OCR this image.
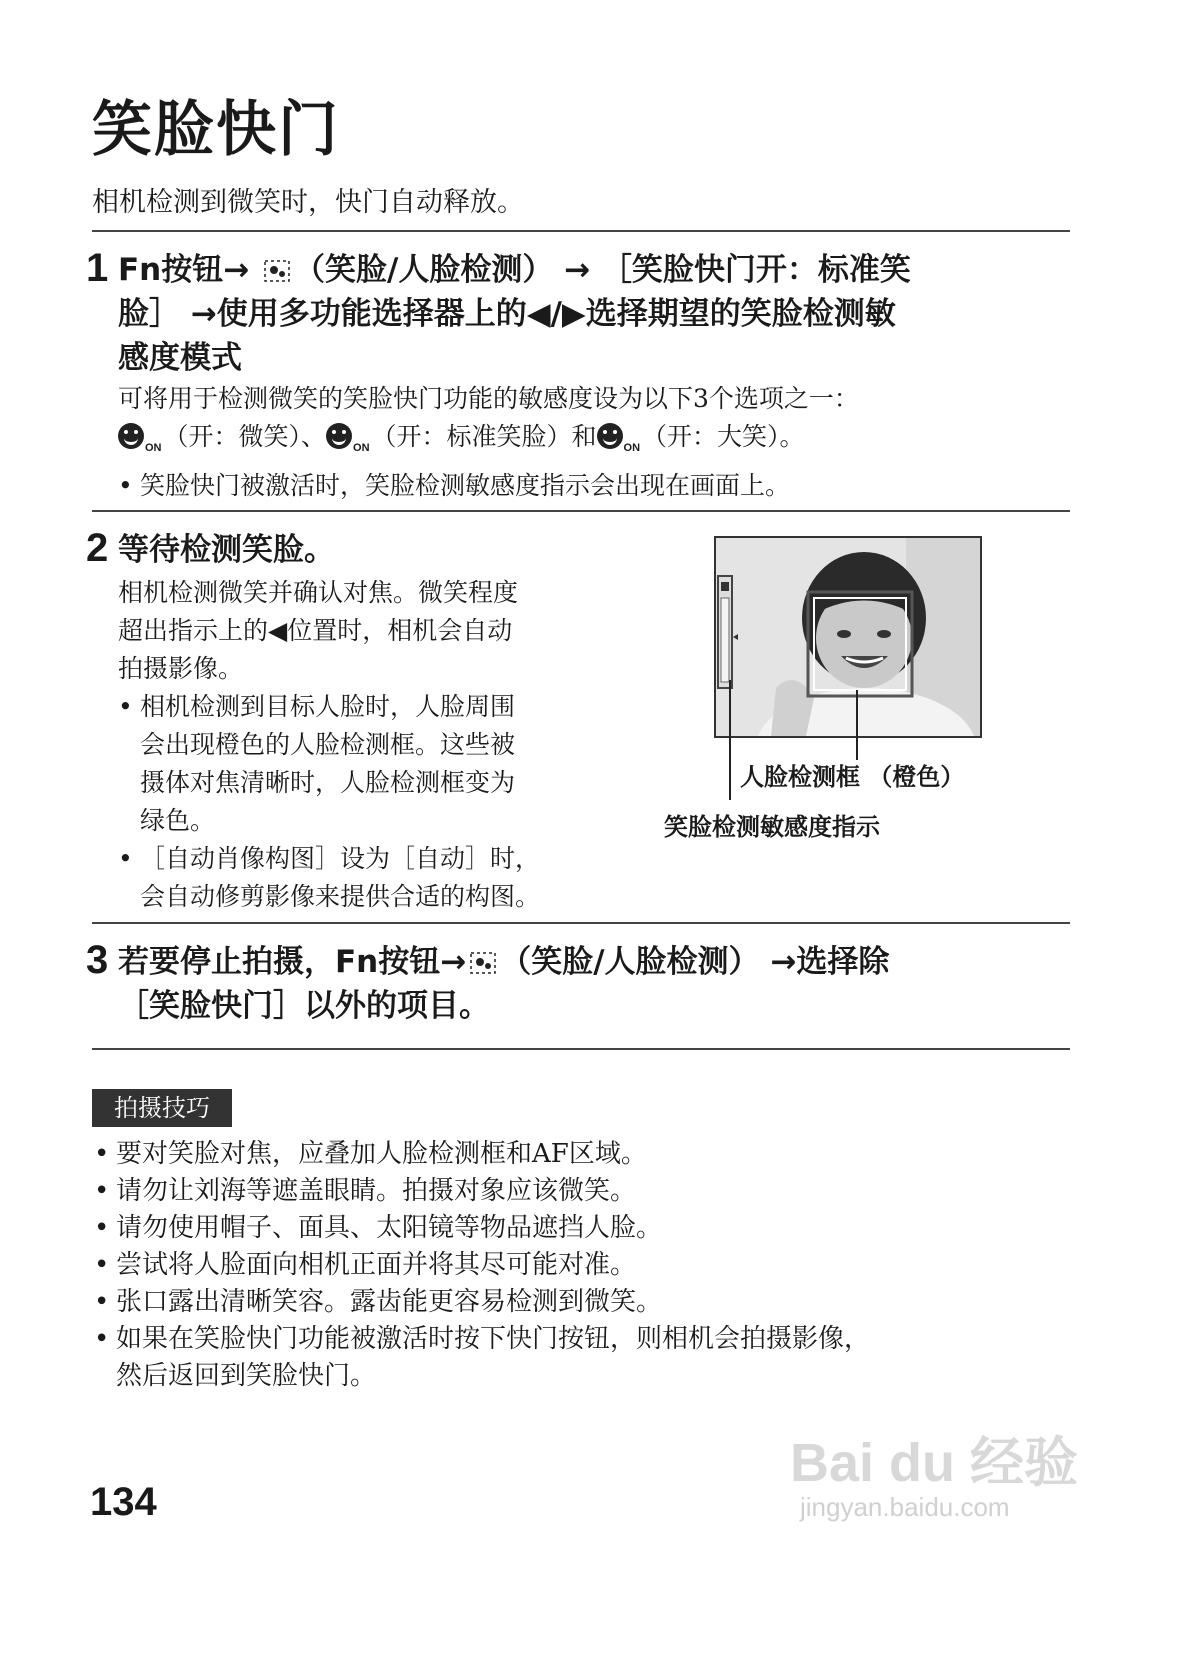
笑脸快门
相机检测到微笑时，快门自动释放。
1 Fn按钮→ （笑脸/人脸检测） → ［笑脸快门开：标准笑
脸］ →使用多功能选择器上的◀/▶选择期望的笑脸检测敏
感度模式
可将用于检测微笑的笑脸快门功能的敏感度设为以下3个选项之一：
$_{ON}$（开：微笑）、 $_{ON}$（开：标准笑脸）和 $_{ON}$（开：大笑）。
• 笑脸快门被激活时，笑脸检测敏感度指示会出现在画面上。
2 等待检测笑脸。
相机检测微笑并确认对焦。微笑程度
超出指示上的◀位置时，相机会自动
拍摄影像。
• 相机检测到目标人脸时，人脸周围
会出现橙色的人脸检测框。这些被
摄体对焦清晰时，人脸检测框变为
绿色。
• ［自动肖像构图］设为［自动］时，
会自动修剪影像来提供合适的构图。
人脸检测框 （橙色）
笑脸检测敏感度指示
3 若要停止拍摄，Fn按钮→ （笑脸/人脸检测） →选择除
［笑脸快门］以外的项目。
拍摄技巧
• 要对笑脸对焦，应叠加人脸检测框和AF区域。
• 请勿让刘海等遮盖眼睛。拍摄对象应该微笑。
• 请勿使用帽子、面具、太阳镜等物品遮挡人脸。
• 尝试将人脸面向相机正面并将其尽可能对准。
• 张口露出清晰笑容。露齿能更容易检测到微笑。
• 如果在笑脸快门功能被激活时按下快门按钮，则相机会拍摄影像，
然后返回到笑脸快门。
134
Bai du 经验
jingyan.baidu.com
